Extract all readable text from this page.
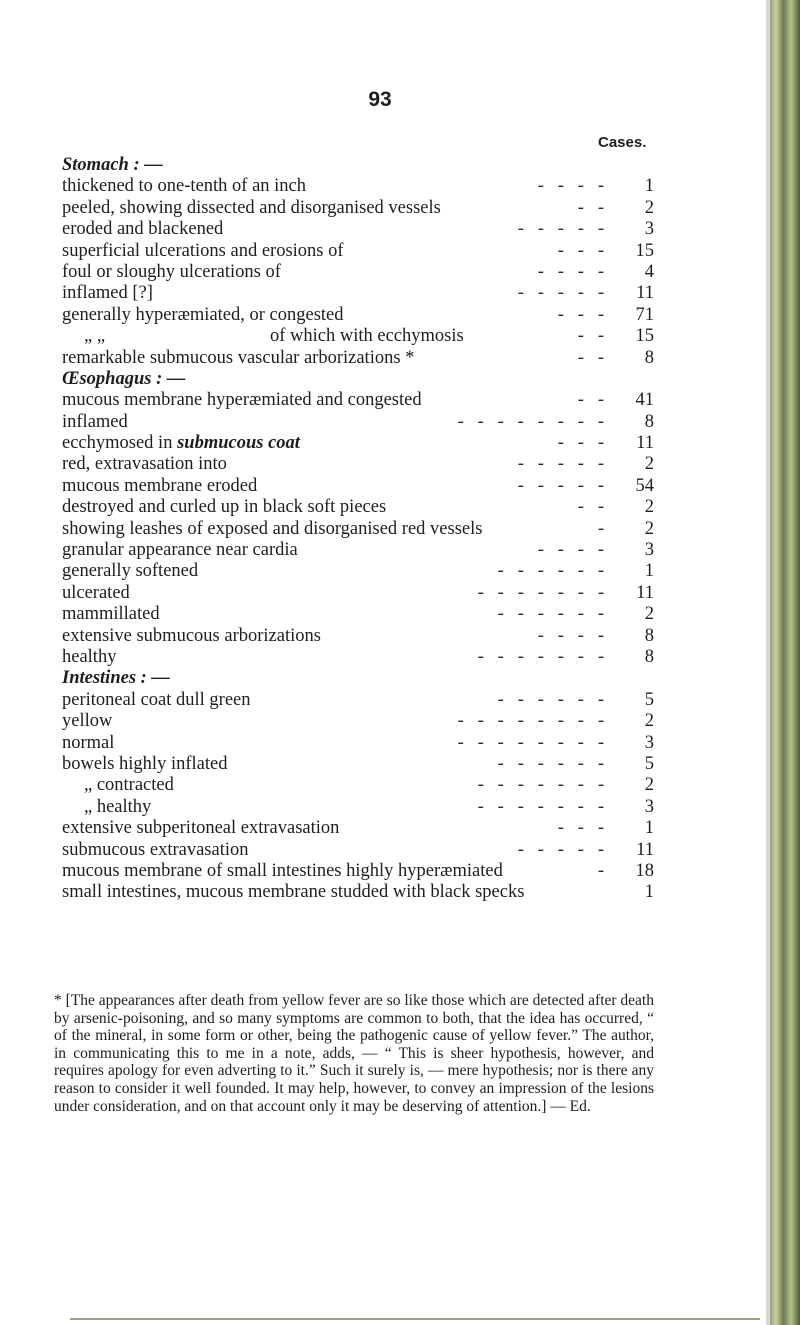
93
Cases.
Stomach : —
thickened to one-tenth of an inch	-   -   -   -	1
peeled, showing dissected and disorganised vessels	-   -	2
eroded and blackened	-   -   -   -   -	3
superficial ulcerations and erosions of	-   -   -	15
foul or sloughy ulcerations of	-   -   -   -	4
inflamed [?]	-   -   -   -   -	11
generally hyperæmiated, or congested	-   -   -	71
„ „	of which with ecchymosis	-   -	15
remarkable submucous vascular arborizations *	-   -	8
Œsophagus : —
mucous membrane hyperæmiated and congested	-   -	41
inflamed	-   -   -   -   -   -   -   -	8
ecchymosed in submucous coat	-   -   -	11
red, extravasation into	-   -   -   -   -	2
mucous membrane eroded	-   -   -   -   -	54
destroyed and curled up in black soft pieces	-   -	2
showing leashes of exposed and disorganised red vessels	-	2
granular appearance near cardia	-   -   -   -	3
generally softened	-   -   -   -   -   -	1
ulcerated	-   -   -   -   -   -   -	11
mammillated	-   -   -   -   -   -	2
extensive submucous arborizations	-   -   -   -	8
healthy	-   -   -   -   -   -   -	8
Intestines : —
peritoneal coat dull green	-   -   -   -   -   -	5
yellow	-   -   -   -   -   -   -   -	2
normal	-   -   -   -   -   -   -   -	3
bowels highly inflated	-   -   -   -   -   -	5
„ contracted	-   -   -   -   -   -   -	2
„ healthy	-   -   -   -   -   -   -	3
extensive subperitoneal extravasation	-   -   -	1
submucous extravasation	-   -   -   -   -	11
mucous membrane of small intestines highly hyperæmiated	-	18
small intestines, mucous membrane studded with black specks	1
* [The appearances after death from yellow fever are so like those which are detected after death by arsenic-poisoning, and so many symptoms are common to both, that the idea has occurred, “ of the mineral, in some form or other, being the pathogenic cause of yellow fever.” The author, in communicating this to me in a note, adds, — “ This is sheer hypothesis, however, and requires apology for even adverting to it.” Such it surely is, — mere hypothesis; nor is there any reason to consider it well founded. It may help, however, to convey an impression of the lesions under consideration, and on that account only it may be deserving of attention.] — Ed.
